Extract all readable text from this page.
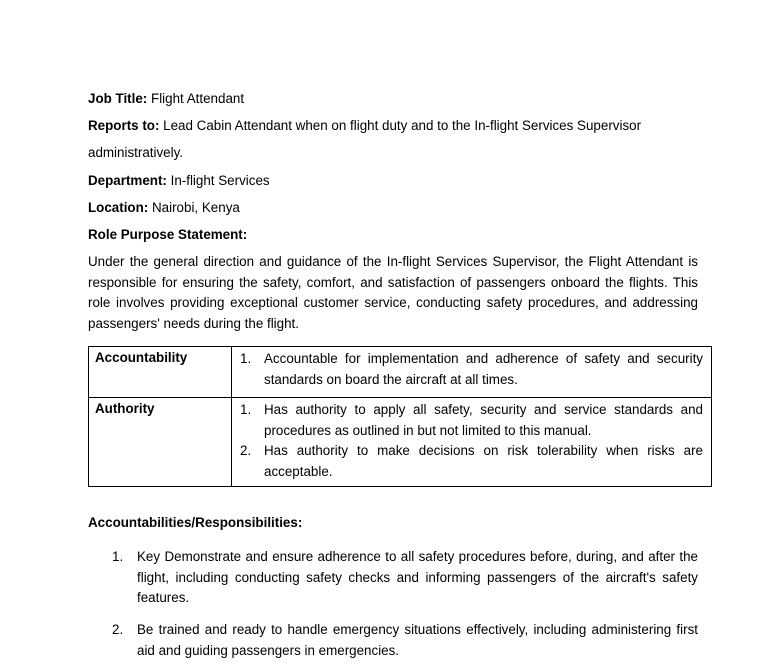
Job Title: Flight Attendant
Reports to: Lead Cabin Attendant when on flight duty and to the In-flight Services Supervisor
administratively.
Department: In-flight Services
Location: Nairobi, Kenya
Role Purpose Statement:
Under the general direction and guidance of the In-flight Services Supervisor, the Flight Attendant is responsible for ensuring the safety, comfort, and satisfaction of passengers onboard the flights. This role involves providing exceptional customer service, conducting safety procedures, and addressing passengers' needs during the flight.
Accountability	1. Accountable for implementation and adherence of safety and security standards on board the aircraft at all times.

Authority	1. Has authority to apply all safety, security and service standards and procedures as outlined in but not limited to this manual.
2. Has authority to make decisions on risk tolerability when risks are acceptable.
Accountabilities/Responsibilities:
1.	Key Demonstrate and ensure adherence to all safety procedures before, during, and after the flight, including conducting safety checks and informing passengers of the aircraft's safety features.
2.	Be trained and ready to handle emergency situations effectively, including administering first aid and guiding passengers in emergencies.
